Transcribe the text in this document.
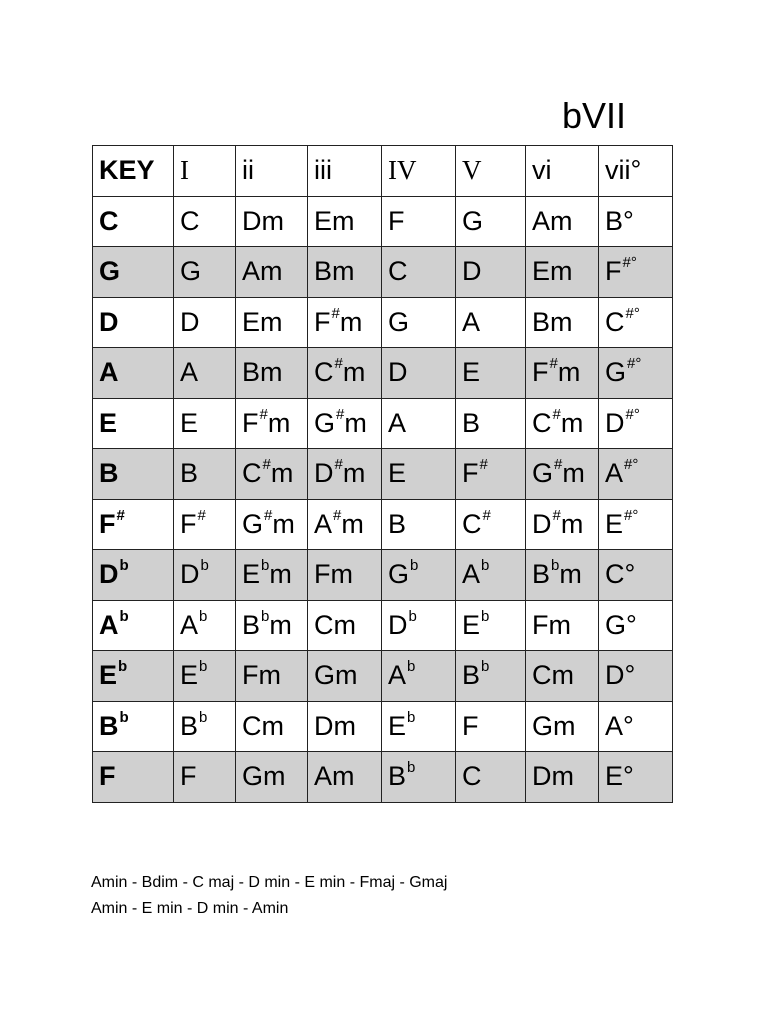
bVII
KEY	I	ii	iii	IV	V	vi	vii°
C	C	Dm	Em	F	G	Am	B°
G	G	Am	Bm	C	D	Em	F#°
D	D	Em	F#m	G	A	Bm	C#°
A	A	Bm	C#m	D	E	F#m	G#°
E	E	F#m	G#m	A	B	C#m	D#°
B	B	C#m	D#m	E	F#	G#m	A#°
F#	F#	G#m	A#m	B	C#	D#m	E#°
$D^b$	$D^b$	$E^bm$	Fm	$G^b$	$A^b$	$B^bm$	C°
$A^b$	$A^b$	$B^bm$	Cm	$D^b$	$E^b$	Fm	G°
$E^b$	$E^b$	Fm	Gm	$A^b$	$B^b$	Cm	D°
$B^b$	$B^b$	Cm	Dm	$E^b$	F	Gm	A°
F	F	Gm	Am	$B^b$	C	Dm	E°
Amin - Bdim - C maj - D min - E min - Fmaj - Gmaj
Amin - E min - D min - Amin
